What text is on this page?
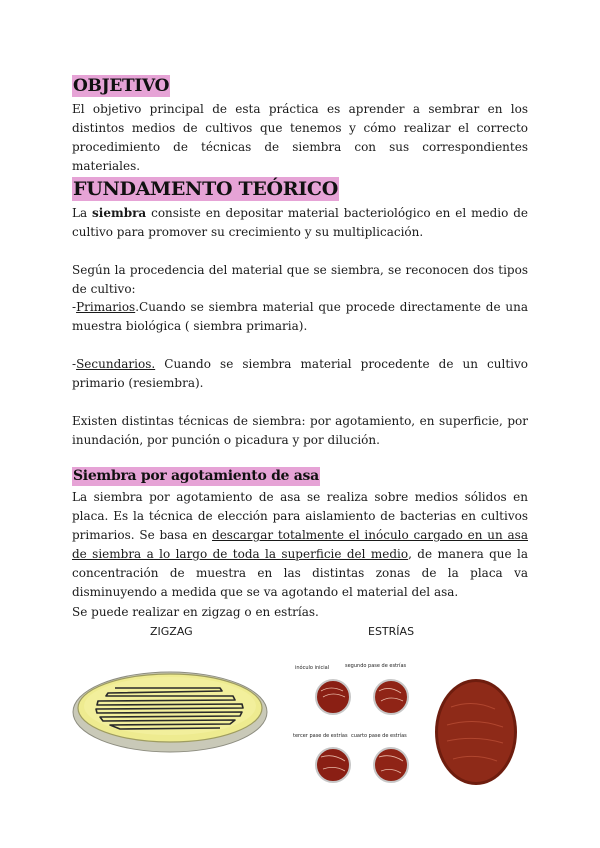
OBJETIVO

El objetivo principal de esta práctica es aprender a sembrar en los distintos medios de cultivos que tenemos y cómo realizar el correcto procedimiento de técnicas de siembra con sus correspondientes materiales.

FUNDAMENTO TEÓRICO

La siembra consiste en depositar material bacteriológico en el medio de cultivo para promover su crecimiento y su multiplicación.

Según la procedencia del material que se siembra, se reconocen dos tipos de cultivo:

-Primarios.Cuando se siembra material que procede directamente de una muestra biológica ( siembra primaria).

-Secundarios. Cuando se siembra material procedente de un cultivo primario (resiembra).

Existen distintas técnicas de siembra: por agotamiento, en superficie, por inundación, por punción o picadura y por dilución.

Siembra por agotamiento de asa

La siembra por agotamiento de asa se realiza sobre medios sólidos en placa. Es la técnica de elección para aislamiento de bacterias en cultivos primarios. Se basa en descargar totalmente el inóculo cargado en un asa de siembra a lo largo de toda la superficie del medio, de manera que la concentración de muestra en las distintas zonas de la placa va disminuyendo a medida que se va agotando el material del asa.

Se puede realizar en zigzag o en estrías.

ZIGZAG	ESTRÍAS
inóculo inicial	segundo pase de estrías
tercer pase de estrías cuarto pase de estrías
